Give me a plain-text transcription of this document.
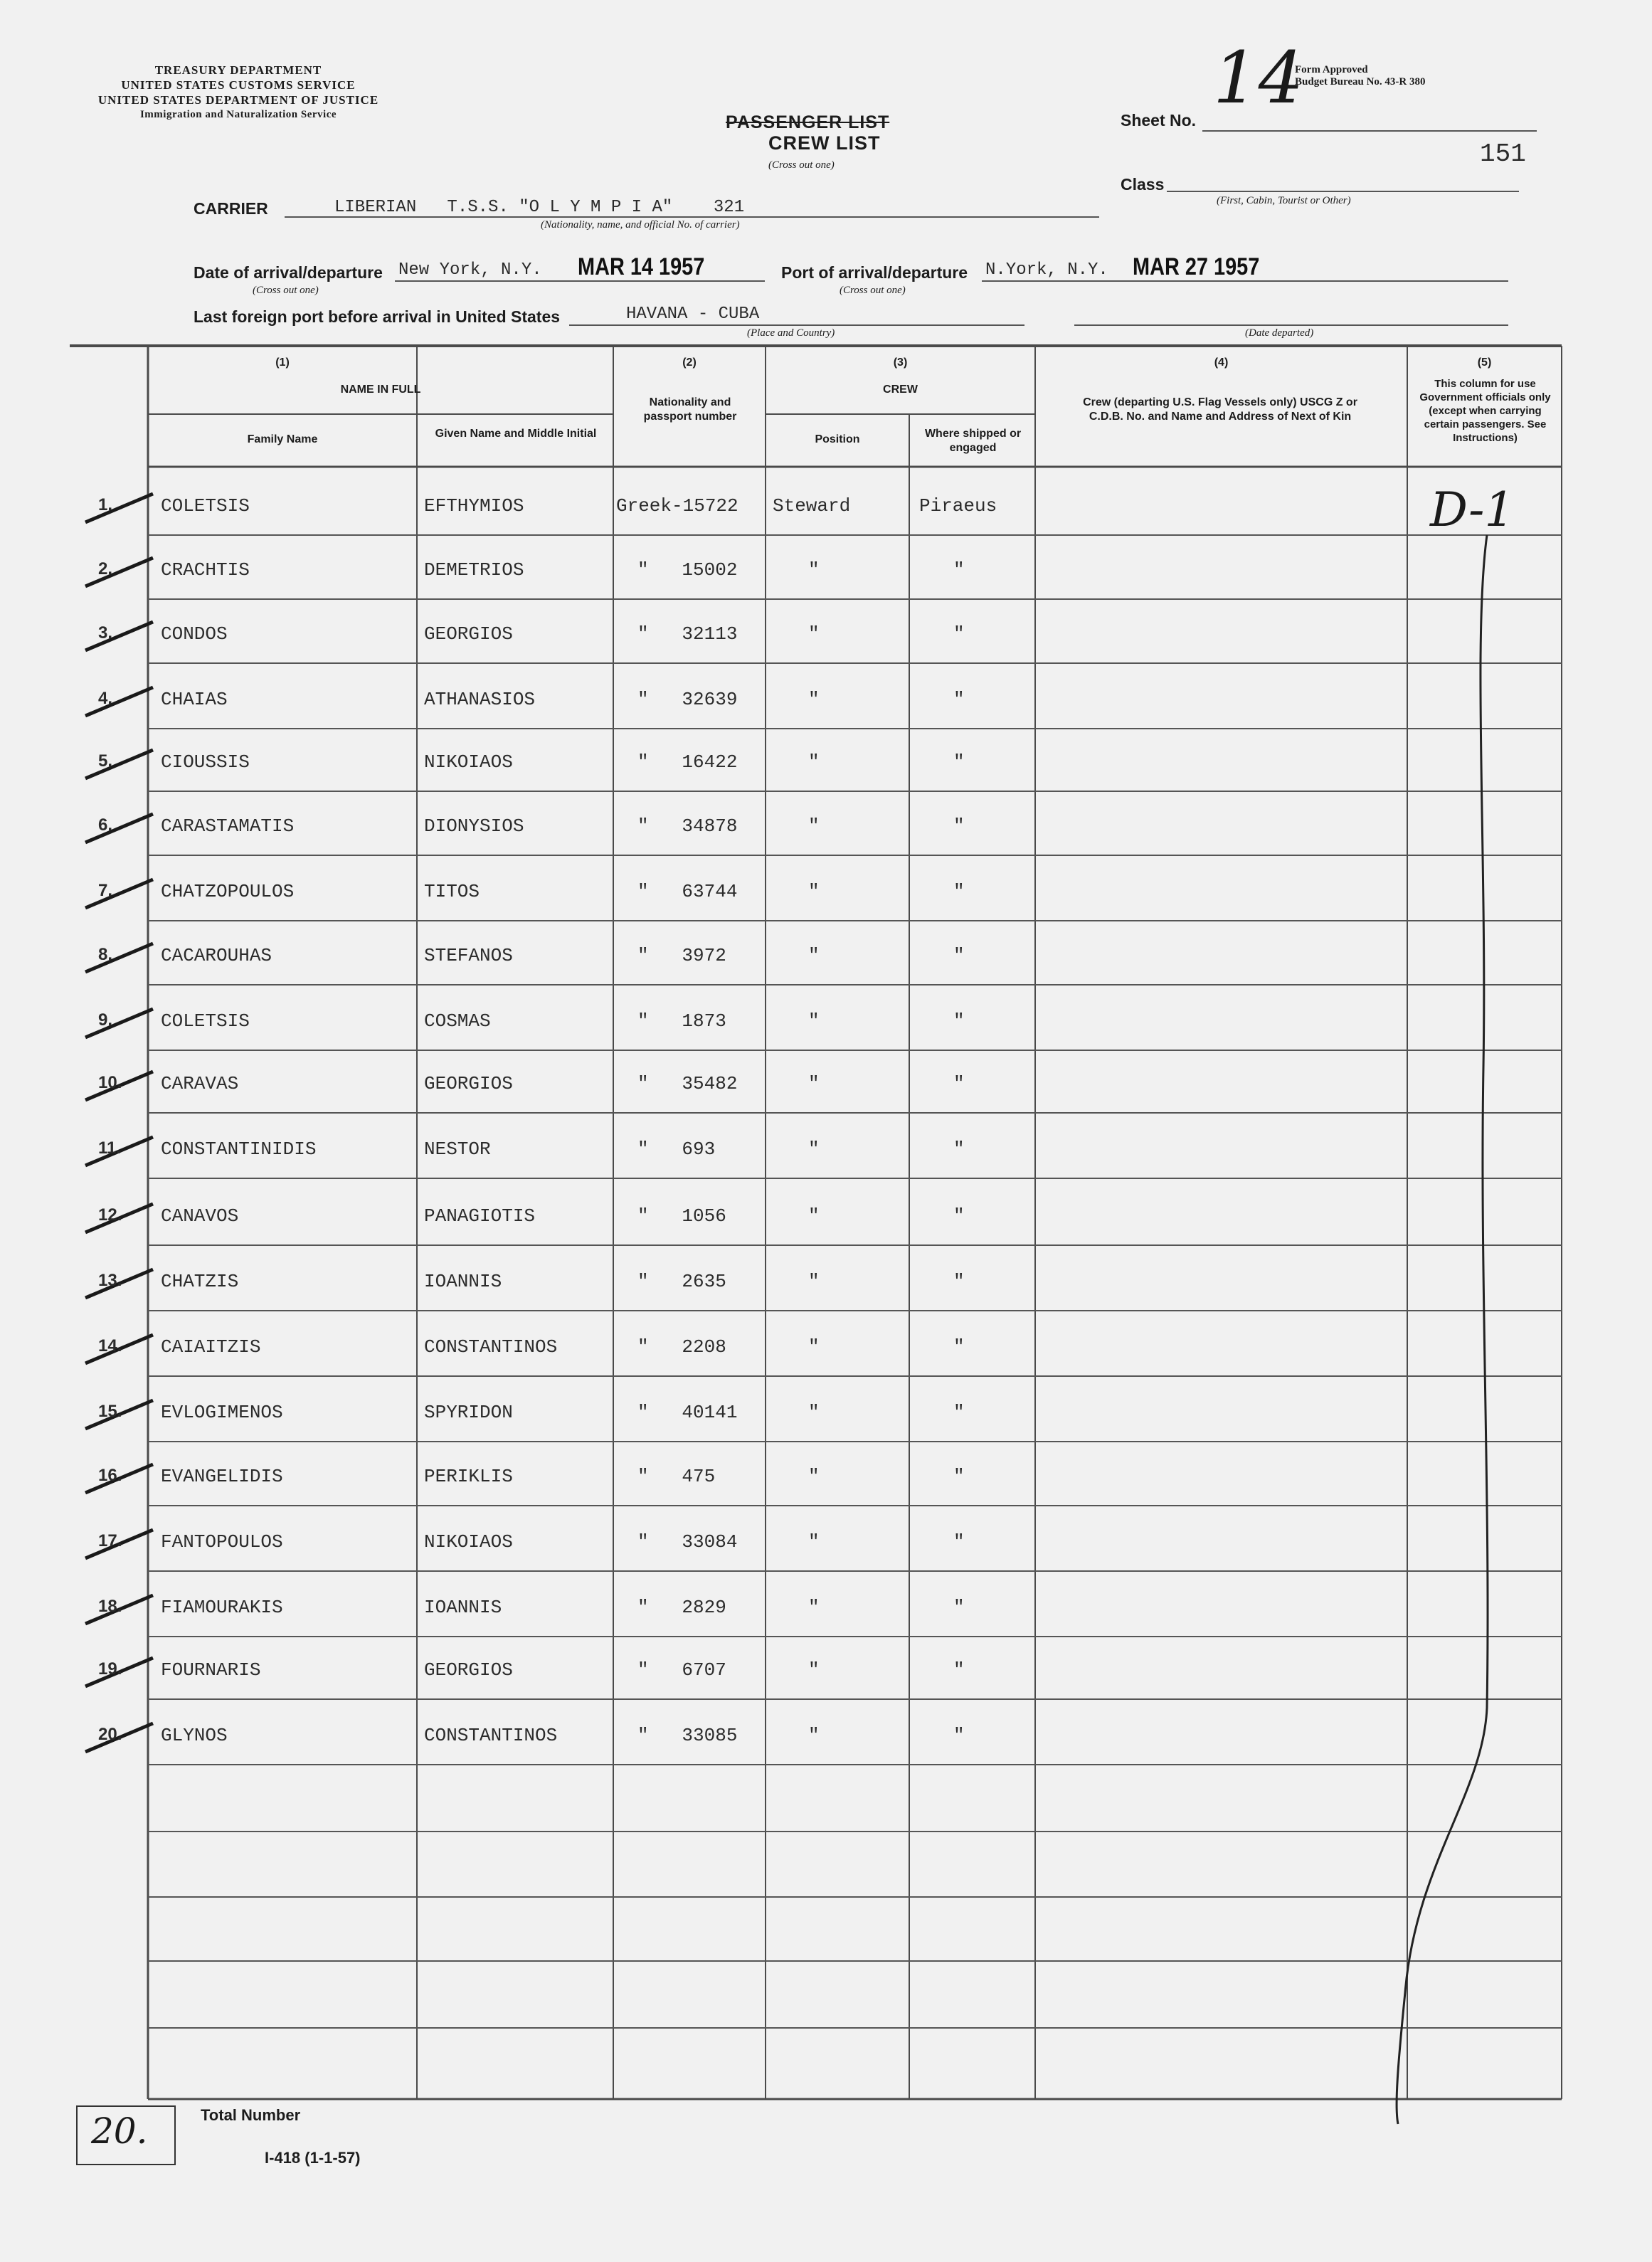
TREASURY DEPARTMENT
UNITED STATES CUSTOMS SERVICE
UNITED STATES DEPARTMENT OF JUSTICE
Immigration and Naturalization Service	PASSENGER LIST
CREW LIST
(Cross out one)
Form Approved
Budget Bureau No. 43-R 380
Sheet No.
14
151
Class
(First, Cabin, Tourist or Other)
CARRIER	LIBERIAN   T.S.S. "O L Y M P I A"    321
(Nationality, name, and official No. of carrier)
Date of arrival/departure
(Cross out one)
New York, N.Y. MAR 14 1957	Port of arrival/departure N.York, N.Y. MAR 27 1957
(Cross out one)
Last foreign port before arrival in United States	HAVANA - CUBA
(Place and Country)	(Date departed)
(1)
NAME IN FULL
Family Name	Given Name and Middle Initial
(2)
Nationality and passport number
(3)
CREW
Position	Where shipped or engaged
(4)
Crew (departing U.S. Flag Vessels only) USCG Z or C.D.B. No. and Name and Address of Next of Kin
(5)
This column for use Government officials only (except when carrying certain passengers. See Instructions)
1.	COLETSIS	EFTHYMIOS	Greek-15722 Steward	Piraeus
2.	CRACHTIS	DEMETRIOS	"   15002	"	"
3.	CONDOS	GEORGIOS	"   32113	"	"
4.	CHAIAS	ATHANASIOS	"   32639	"	"
5.	CIOUSSIS	NIKOIAOS	"   16422	"	"
6.	CARASTAMATIS	DIONYSIOS	"   34878	"	"
7.	CHATZOPOULOS	TITOS	"   63744	"	"
8.	CACAROUHAS	STEFANOS	"   3972	"	"
9.	COLETSIS	COSMAS	"   1873	"	"
10. CARAVAS	GEORGIOS	"   35482	"	"
11. CONSTANTINIDIS	NESTOR	"   693	"	"
12. CANAVOS	PANAGIOTIS	"   1056	"	"
13. CHATZIS	IOANNIS	"   2635	"	"
14. CAIAITZIS	CONSTANTINOS	"   2208	"	"
15. EVLOGIMENOS	SPYRIDON	"   40141	"	"
16. EVANGELIDIS	PERIKLIS	"   475	"	"
17. FANTOPOULOS	NIKOIAOS	"   33084	"	"
18. FIAMOURAKIS	IOANNIS	"   2829	"	"
19. FOURNARIS	GEORGIOS	"   6707	"	"
20. GLYNOS	CONSTANTINOS	"   33085	"	"
D-1
20.	Total Number
I-418 (1-1-57)
